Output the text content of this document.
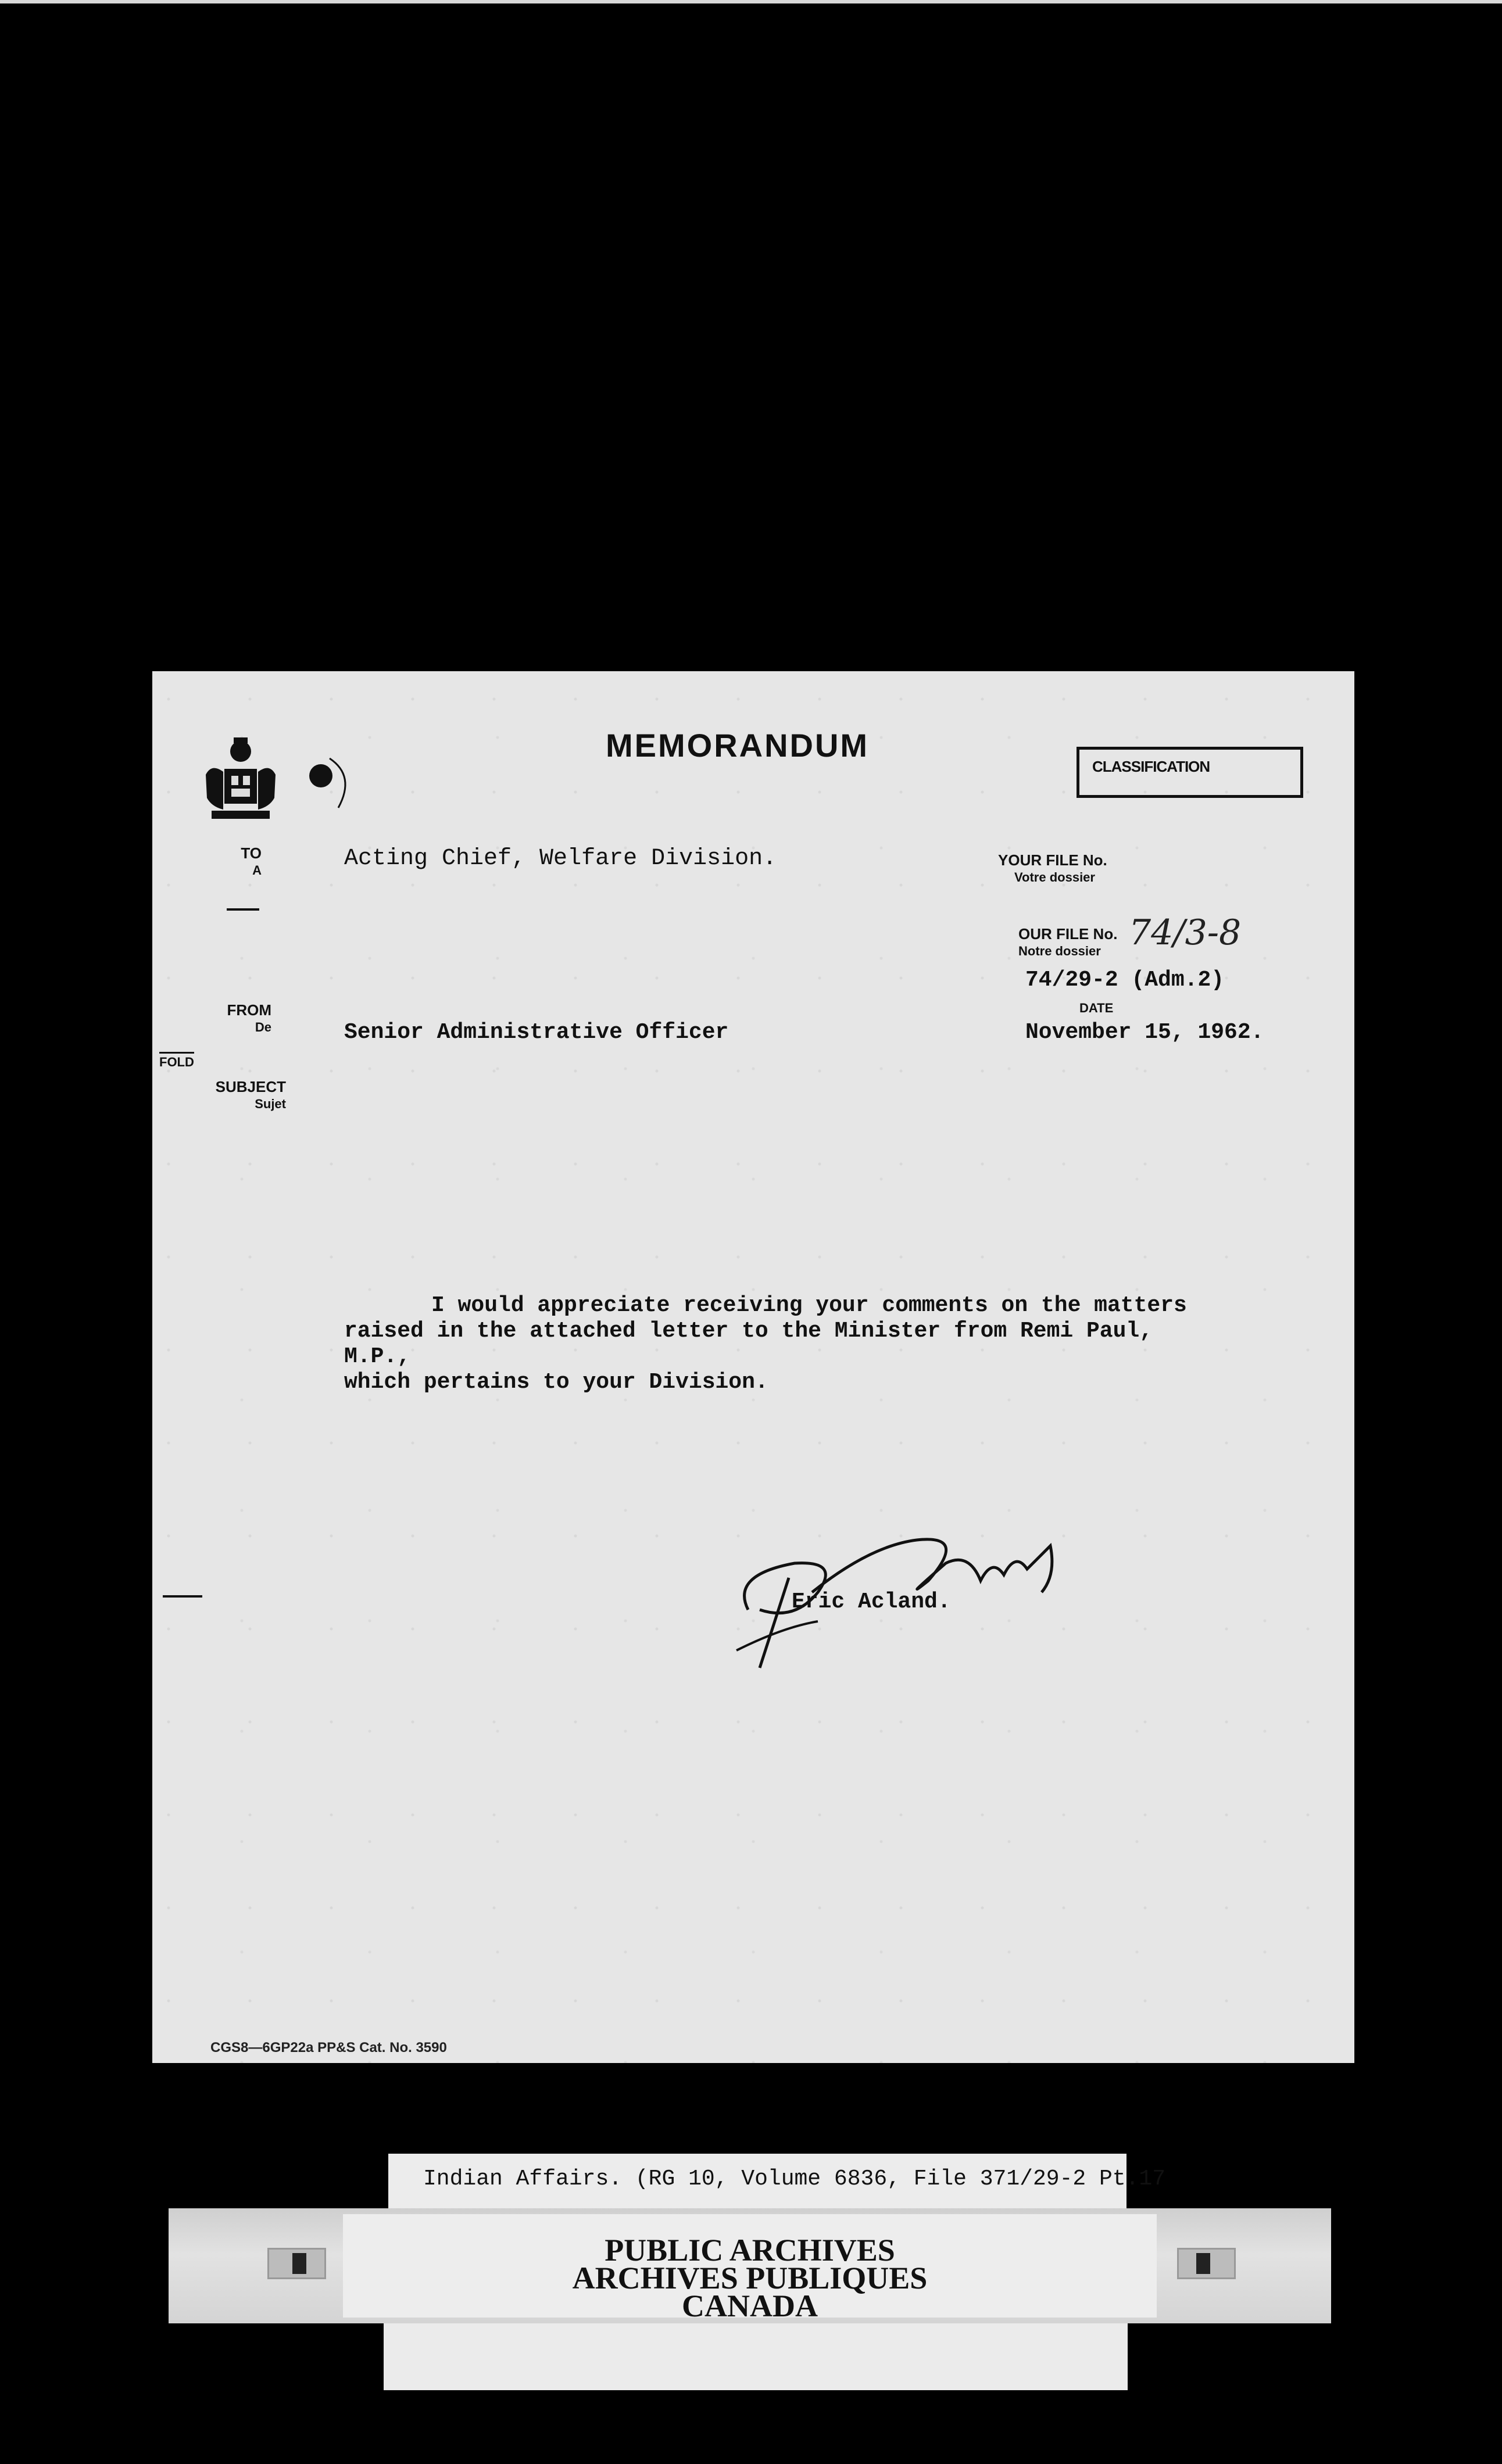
MEMORANDUM
CLASSIFICATION
TO
A	Acting Chief, Welfare Division.
FROM
De	Senior Administrative Officer
FOLD
SUBJECT
Sujet
YOUR FILE No.
Votre dossier
OUR FILE No.
Notre dossier 74/3-8
74/29-2 (Adm.2)
DATE
November 15, 1962.
I would appreciate receiving your comments on the matters
raised in the attached letter to the Minister from Remi Paul, M.P.,
which pertains to your Division.
Eric Acland.
CGS8—6GP22a PP&S Cat. No. 3590
Indian Affairs. (RG 10, Volume 6836, File 371/29-2 Pt.17
PUBLIC ARCHIVES
ARCHIVES PUBLIQUES
CANADA
